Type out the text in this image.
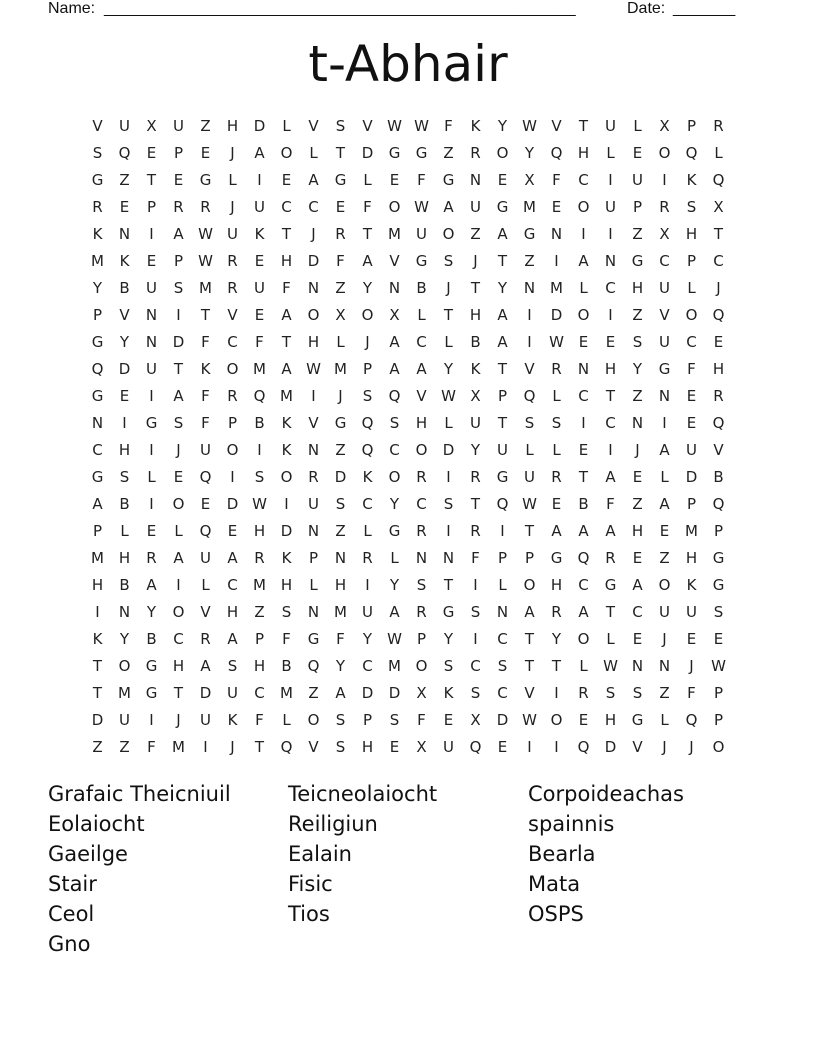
Name: _____________________________________________________	Date: _______
t-Abhair
V U X U Z H D L V S V W W F K Y W V T U L X P R
S Q E P E J A O L T D G G Z R O Y Q H L E O Q L
G Z T E G L I E A G L E F G N E X F C I U I K Q
R E P R R J U C C E F O W A U G M E O U P R S X
K N I A W U K T J R T M U O Z A G N I I Z X H T
M K E P W R E H D F A V G S J T Z I A N G C P C
Y B U S M R U F N Z Y N B J T Y N M L C H U L J
P V N I T V E A O X O X L T H A I D O I Z V O Q
G Y N D F C F T H L J A C L B A I W E E S U C E
Q D U T K O M A W M P A A Y K T V R N H Y G F H
G E I A F R Q M I J S Q V W X P Q L C T Z N E R
N I G S F P B K V G Q S H L U T S S I C N I E Q
C H I J U O I K N Z Q C O D Y U L L E I J A U V
G S L E Q I S O R D K O R I R G U R T A E L D B
A B I O E D W I U S C Y C S T Q W E B F Z A P Q
P L E L Q E H D N Z L G R I R I T A A A H E M P
M H R A U A R K P N R L N N F P P G Q R E Z H G
H B A I L C M H L H I Y S T I L O H C G A O K G
I N Y O V H Z S N M U A R G S N A R A T C U U S
K Y B C R A P F G F Y W P Y I C T Y O L E J E E
T O G H A S H B Q Y C M O S C S T T L W N N J W
T M G T D U C M Z A D D X K S C V I R S S Z F P
D U I J U K F L O S P S F E X D W O E H G L Q P
Z Z F M I J T Q V S H E X U Q E I I Q D V J J O
Grafaic Theicniuil	Teicneolaiocht	Corpoideachas
Eolaiocht	Reiligiun	spainnis
Gaeilge	Ealain	Bearla
Stair	Fisic	Mata
Ceol	Tios	OSPS
Gno
